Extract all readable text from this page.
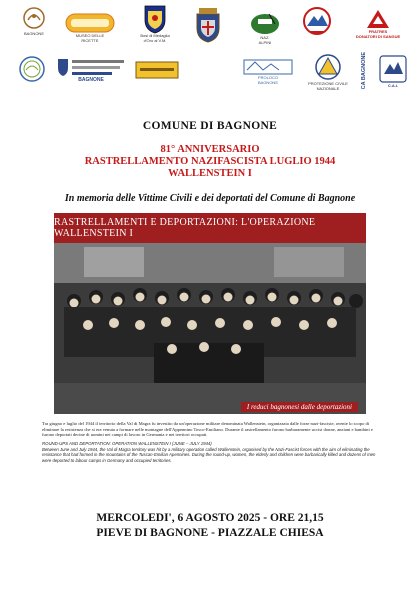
BAGNONE	MUSEO DELLE
RICETTE
Bosi di Medaglia
d'Oro al V.M.	NAZ.
ALPINI
FRATRES
DONATORI DI SANGUE
BAGNONE	PROLOCO
BAGNONE	PROTEZIONE CIVILE
NAZIONALE	CA BAGNONE	C.A.I.
COMUNE DI BAGNONE
81° ANNIVERSARIO
RASTRELLAMENTO NAZIFASCISTA LUGLIO 1944
WALLENSTEIN I
In memoria delle Vittime Civili e dei deportati del Comune di Bagnone
RASTRELLAMENTI E DEPORTAZIONI: L'OPERAZIONE WALLENSTEIN I
I reduci bagnonesi dalle deportazioni
Tra giugno e luglio del 1944 il territorio della Val di Magra fu investito da un'operazione militare denominata Wallenstein, organizzata dalle forze nazi-fasciste, avente lo scopo di eliminare la resistenza che si era venuta a formare nelle montagne dell'Appennino Tosco-Emiliano. Durante il rastrellamento furono barbaramente uccisi donne, anziani e bambini e furono deportati decine di uomini nei campi di lavoro in Germania e nei territori occupati.
ROUND-UPS AND DEPORTATION: OPERATION WALLENSTEIN I (JUNE – JULY 1944)
Between June and July 1944, the Val di Magra territory was hit by a military operation called Wallenstein, organised by the Nazi-Fascist forces with the aim of eliminating the resistance that had formed in the mountains of the Tuscan-Emilian Apennines. During the round-up, women, the elderly and children were barbarically killed and dozens of men were deported to labour camps in Germany and occupied territories.
MERCOLEDI', 6 AGOSTO 2025 - ORE 21,15
PIEVE DI BAGNONE - PIAZZALE CHIESA
